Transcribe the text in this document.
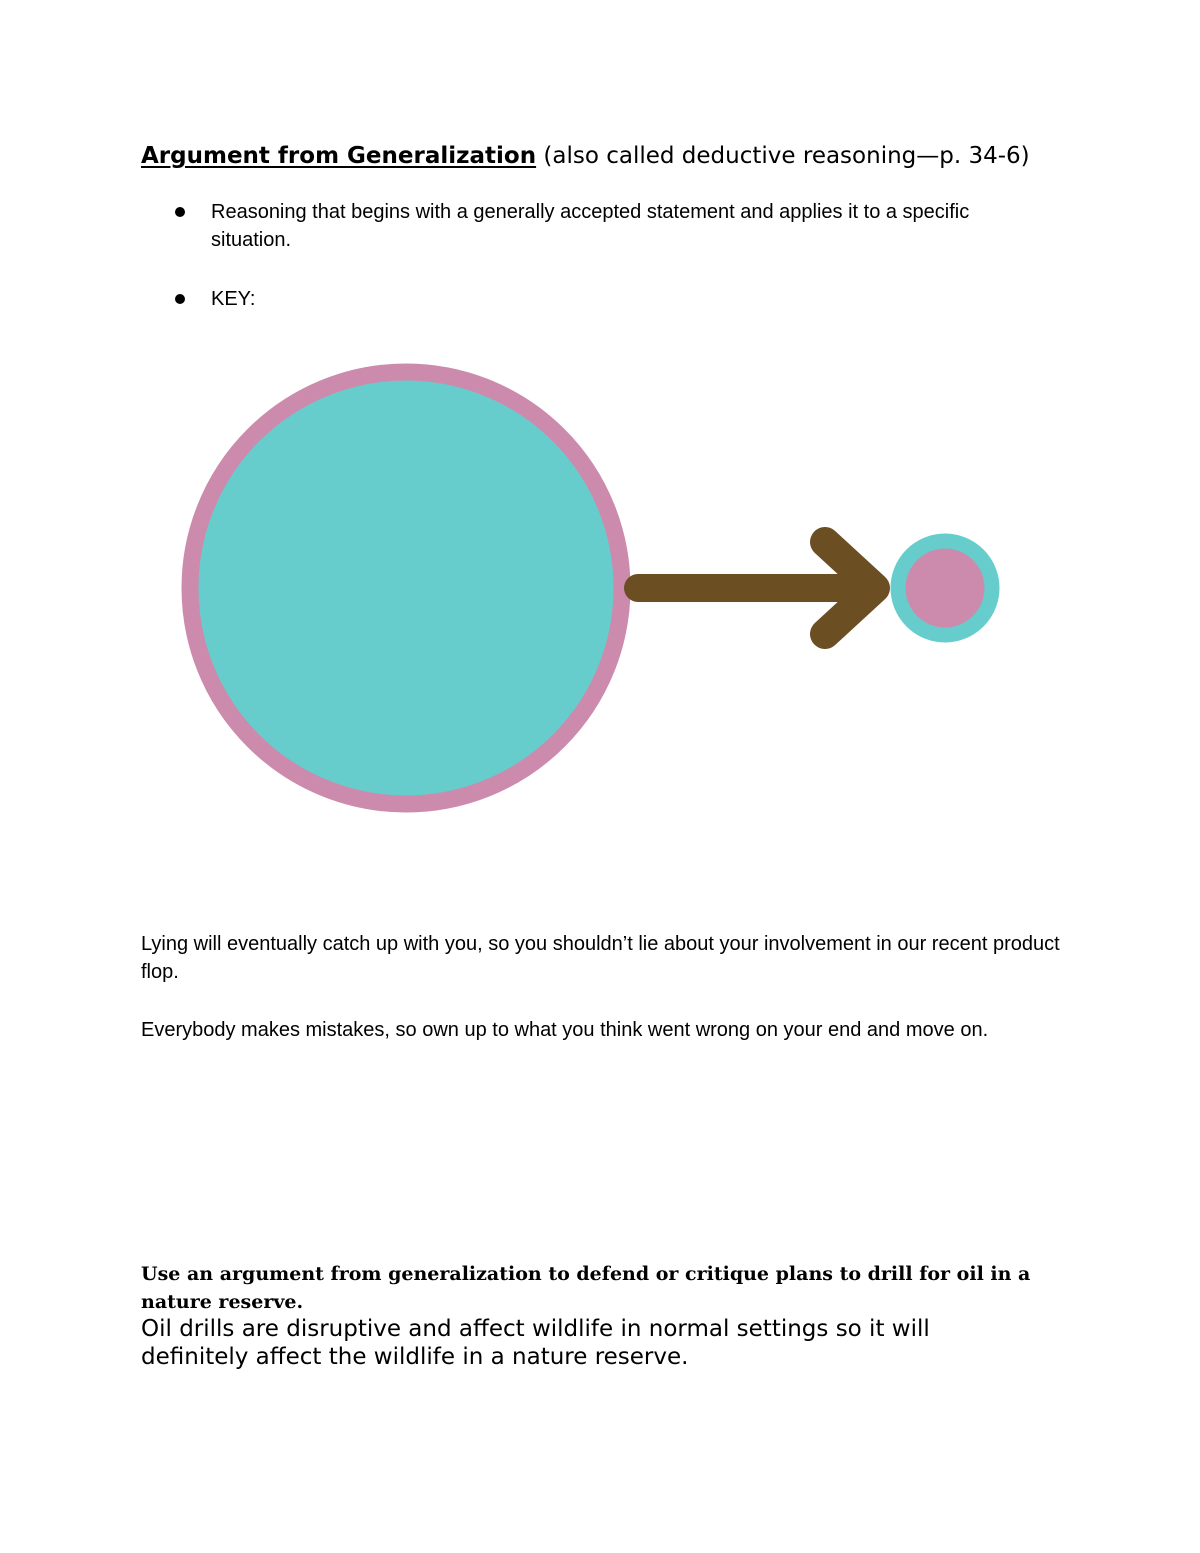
Argument from Generalization (also called deductive reasoning—p. 34-6)
Reasoning that begins with a generally accepted statement and applies it to a specific situation.
KEY:
Lying will eventually catch up with you, so you shouldn’t lie about your involvement in our recent product flop.
Everybody makes mistakes, so own up to what you think went wrong on your end and move on.
Use an argument from generalization to defend or critique plans to drill for oil in a nature reserve.
Oil drills are disruptive and affect wildlife in normal settings so it will definitely affect the wildlife in a nature reserve.
